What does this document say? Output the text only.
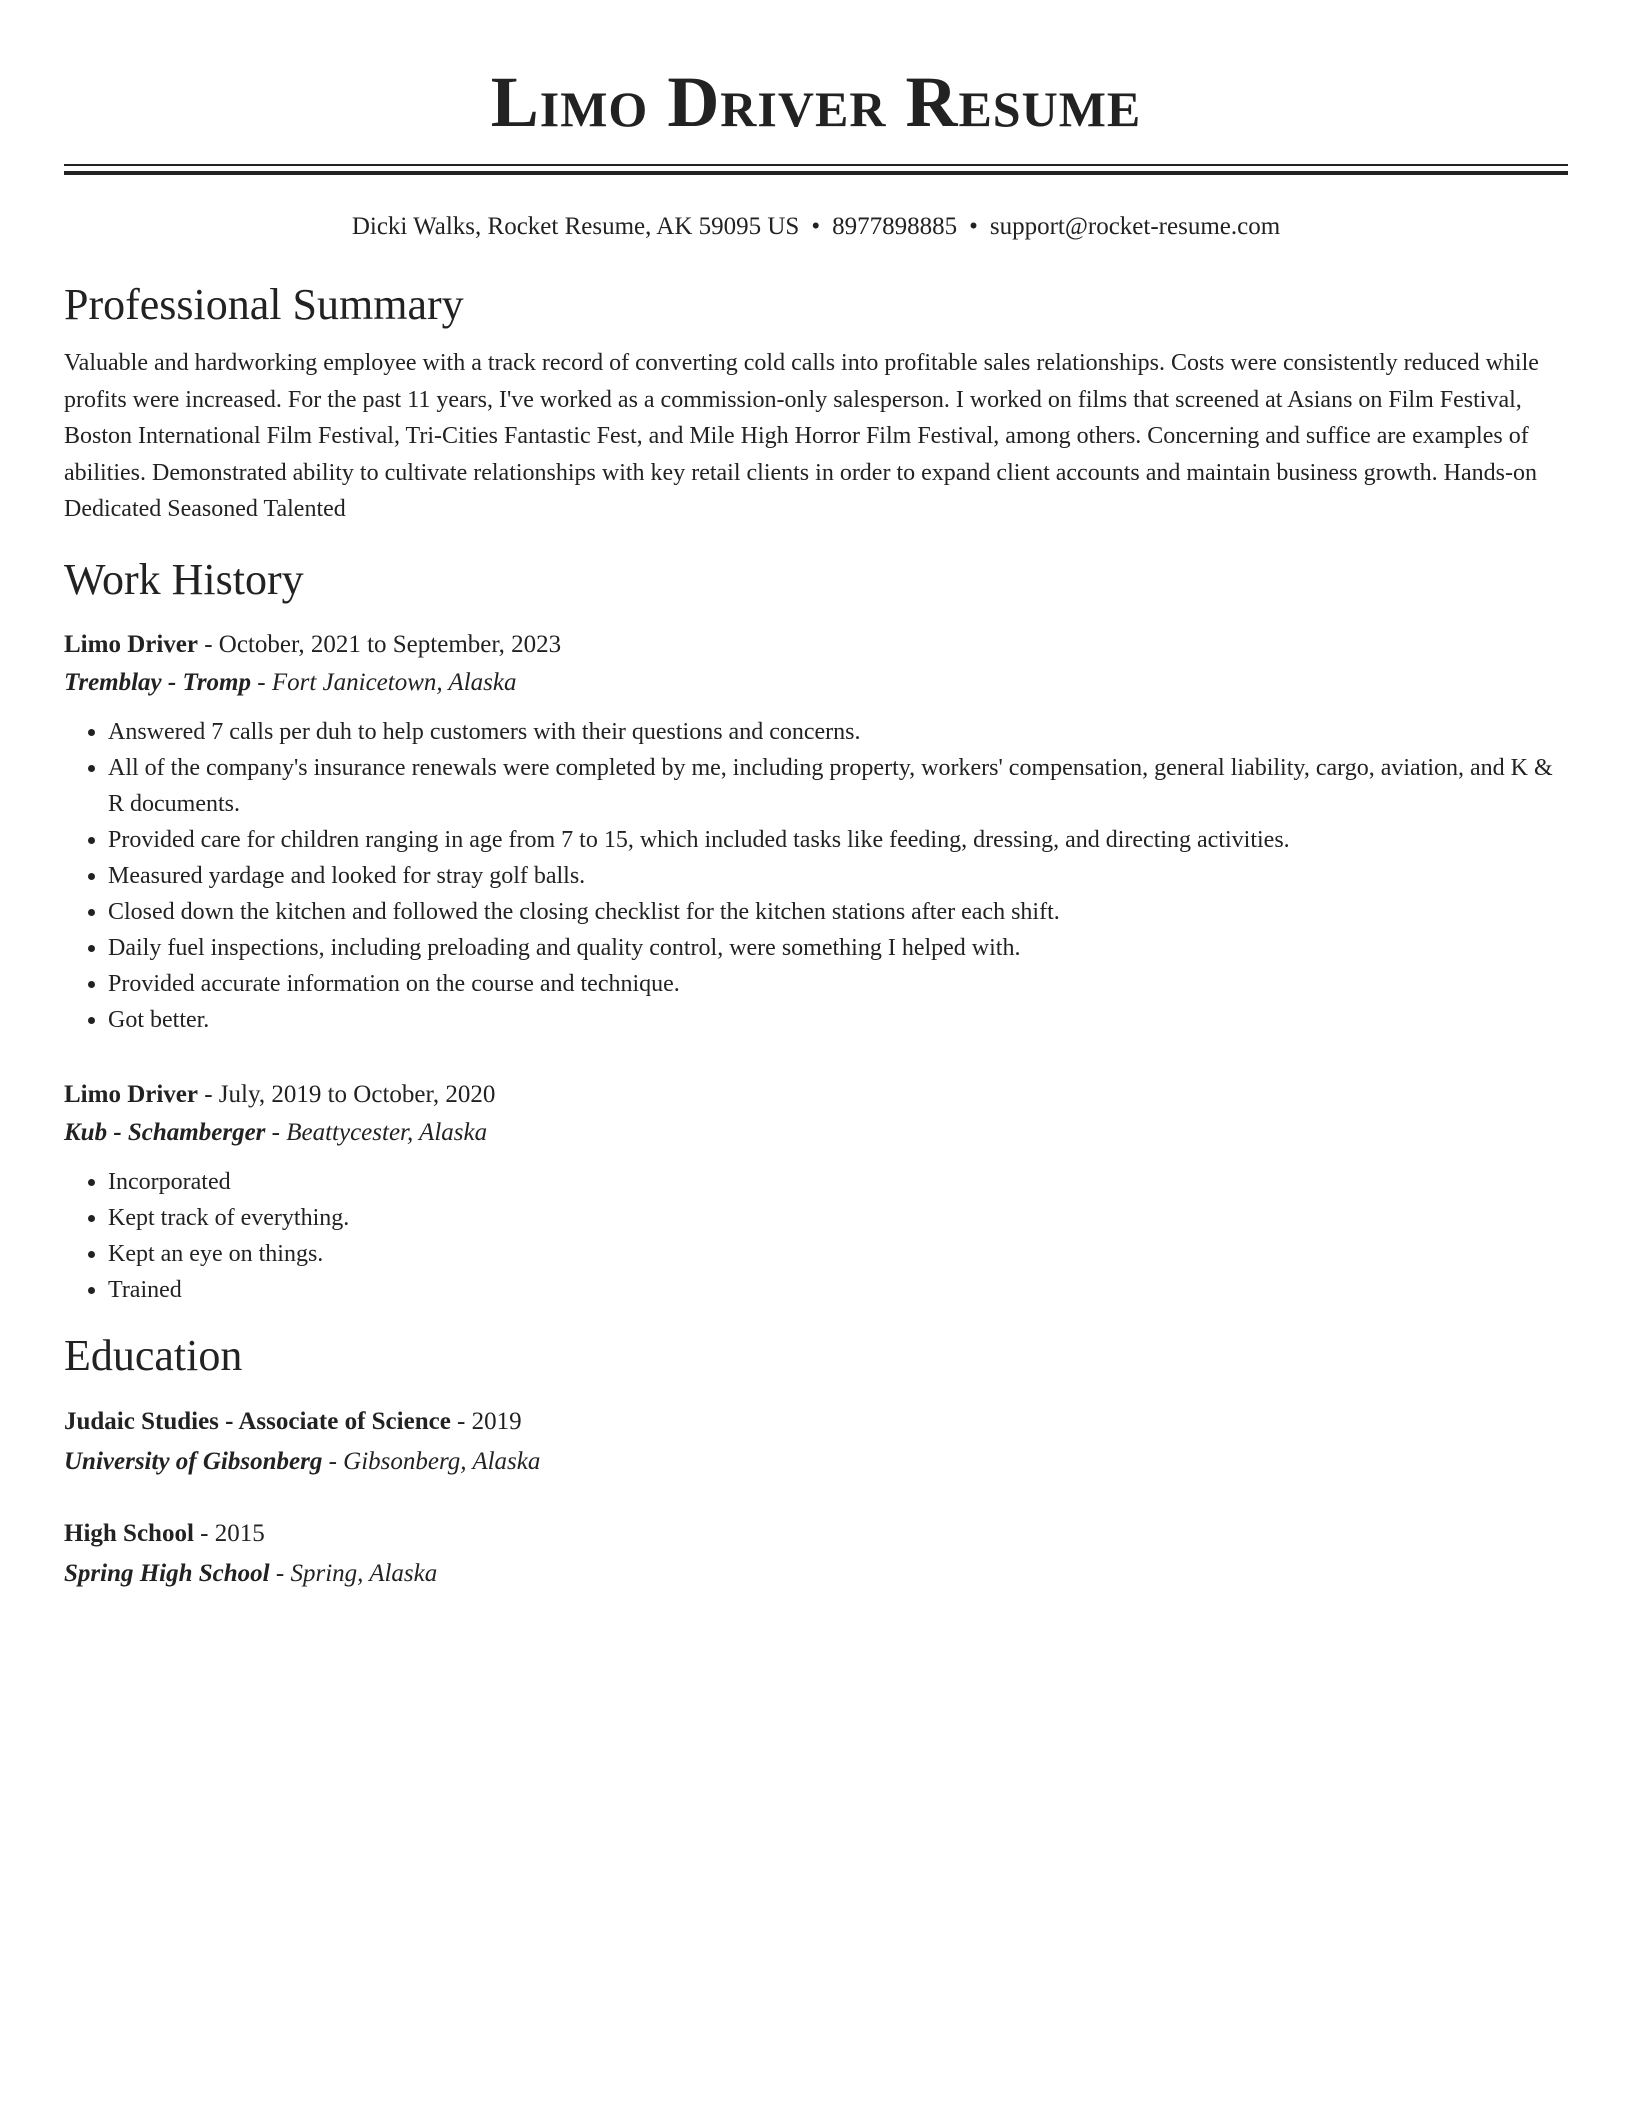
Limo Driver Resume
Dicki Walks, Rocket Resume, AK 59095 US • 8977898885 • support@rocket-resume.com
Professional Summary

Valuable and hardworking employee with a track record of converting cold calls into profitable sales relationships. Costs were consistently reduced while profits were increased. For the past 11 years, I've worked as a commission-only salesperson. I worked on films that screened at Asians on Film Festival, Boston International Film Festival, Tri-Cities Fantastic Fest, and Mile High Horror Film Festival, among others. Concerning and suffice are examples of abilities. Demonstrated ability to cultivate relationships with key retail clients in order to expand client accounts and maintain business growth. Hands-on Dedicated Seasoned Talented

Work History
Limo Driver - October, 2021 to September, 2023
Tremblay - Tromp - Fort Janicetown, Alaska
• Answered 7 calls per duh to help customers with their questions and concerns.
• All of the company's insurance renewals were completed by me, including property, workers' compensation, general liability, cargo, aviation, and K & R documents.
• Provided care for children ranging in age from 7 to 15, which included tasks like feeding, dressing, and directing activities.
• Measured yardage and looked for stray golf balls.
• Closed down the kitchen and followed the closing checklist for the kitchen stations after each shift.
• Daily fuel inspections, including preloading and quality control, were something I helped with.
• Provided accurate information on the course and technique.
• Got better.
Limo Driver - July, 2019 to October, 2020
Kub - Schamberger - Beattycester, Alaska
• Incorporated
• Kept track of everything.
• Kept an eye on things.
• Trained
Education
Judaic Studies - Associate of Science - 2019
University of Gibsonberg - Gibsonberg, Alaska
High School - 2015
Spring High School - Spring, Alaska
